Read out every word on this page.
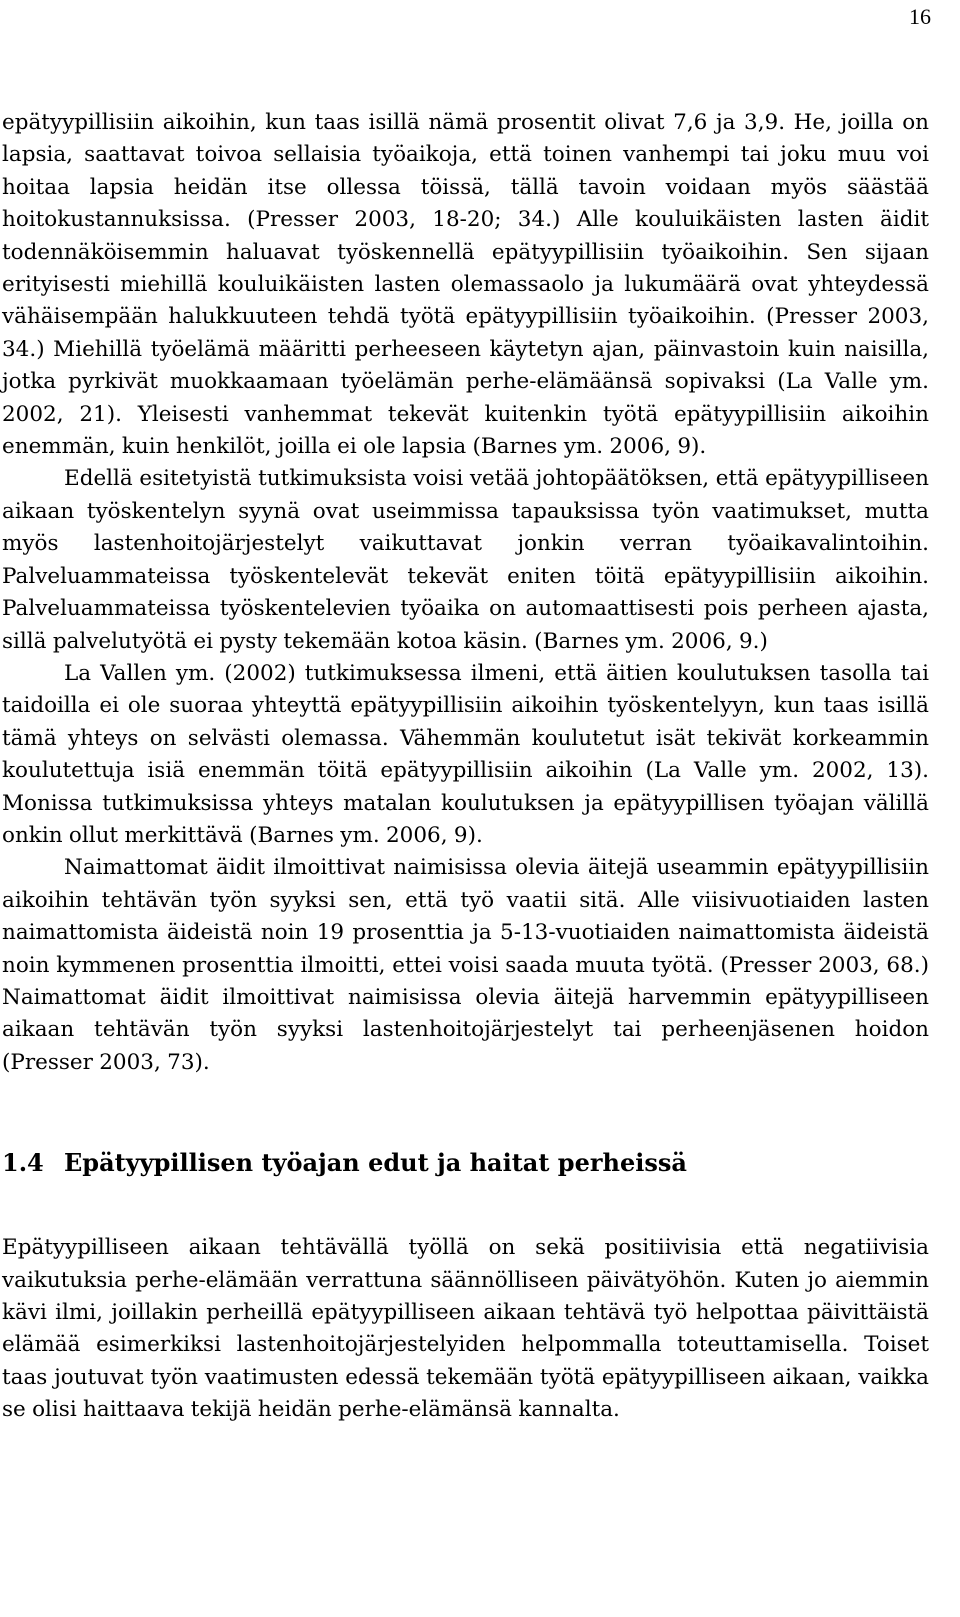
16

epätyypillisiin aikoihin, kun taas isillä nämä prosentit olivat 7,6 ja 3,9. He, joilla on lapsia, saattavat toivoa sellaisia työaikoja, että toinen vanhempi tai joku muu voi hoitaa lapsia heidän itse ollessa töissä, tällä tavoin voidaan myös säästää hoitokustannuksissa. (Presser 2003, 18-20; 34.) Alle kouluikäisten lasten äidit todennäköisemmin haluavat työskennellä epätyypillisiin työaikoihin. Sen sijaan erityisesti miehillä kouluikäisten lasten olemassaolo ja lukumäärä ovat yhteydessä vähäisempään halukkuuteen tehdä työtä epätyypillisiin työaikoihin. (Presser 2003, 34.) Miehillä työelämä määritti perheeseen käytetyn ajan, päinvastoin kuin naisilla, jotka pyrkivät muokkaamaan työelämän perhe-elämäänsä sopivaksi (La Valle ym. 2002, 21). Yleisesti vanhemmat tekevät kuitenkin työtä epätyypillisiin aikoihin enemmän, kuin henkilöt, joilla ei ole lapsia (Barnes ym. 2006, 9).

Edellä esitetyistä tutkimuksista voisi vetää johtopäätöksen, että epätyypilliseen aikaan työskentelyn syynä ovat useimmissa tapauksissa työn vaatimukset, mutta myös lastenhoitojärjestelyt vaikuttavat jonkin verran työaikavalintoihin. Palveluammateissa työskentelevät tekevät eniten töitä epätyypillisiin aikoihin. Palveluammateissa työskentelevien työaika on automaattisesti pois perheen ajasta, sillä palvelutyötä ei pysty tekemään kotoa käsin. (Barnes ym. 2006, 9.)

La Vallen ym. (2002) tutkimuksessa ilmeni, että äitien koulutuksen tasolla tai taidoilla ei ole suoraa yhteyttä epätyypillisiin aikoihin työskentelyyn, kun taas isillä tämä yhteys on selvästi olemassa. Vähemmän koulutetut isät tekivät korkeammin koulutettuja isiä enemmän töitä epätyypillisiin aikoihin (La Valle ym. 2002, 13). Monissa tutkimuksissa yhteys matalan koulutuksen ja epätyypillisen työajan välillä onkin ollut merkittävä (Barnes ym. 2006, 9).

Naimattomat äidit ilmoittivat naimisissa olevia äitejä useammin epätyypillisiin aikoihin tehtävän työn syyksi sen, että työ vaatii sitä. Alle viisivuotiaiden lasten naimattomista äideistä noin 19 prosenttia ja 5-13-vuotiaiden naimattomista äideistä noin kymmenen prosenttia ilmoitti, ettei voisi saada muuta työtä. (Presser 2003, 68.) Naimattomat äidit ilmoittivat naimisissa olevia äitejä harvemmin epätyypilliseen aikaan tehtävän työn syyksi lastenhoitojärjestelyt tai perheenjäsenen hoidon (Presser 2003, 73).

1.4 Epätyypillisen työajan edut ja haitat perheissä

Epätyypilliseen aikaan tehtävällä työllä on sekä positiivisia että negatiivisia vaikutuksia perhe-elämään verrattuna säännölliseen päivätyöhön. Kuten jo aiemmin kävi ilmi, joillakin perheillä epätyypilliseen aikaan tehtävä työ helpottaa päivittäistä elämää esimerkiksi lastenhoitojärjestelyiden helpommalla toteuttamisella. Toiset taas joutuvat työn vaatimusten edessä tekemään työtä epätyypilliseen aikaan, vaikka se olisi haittaava tekijä heidän perhe-elämänsä kannalta.
